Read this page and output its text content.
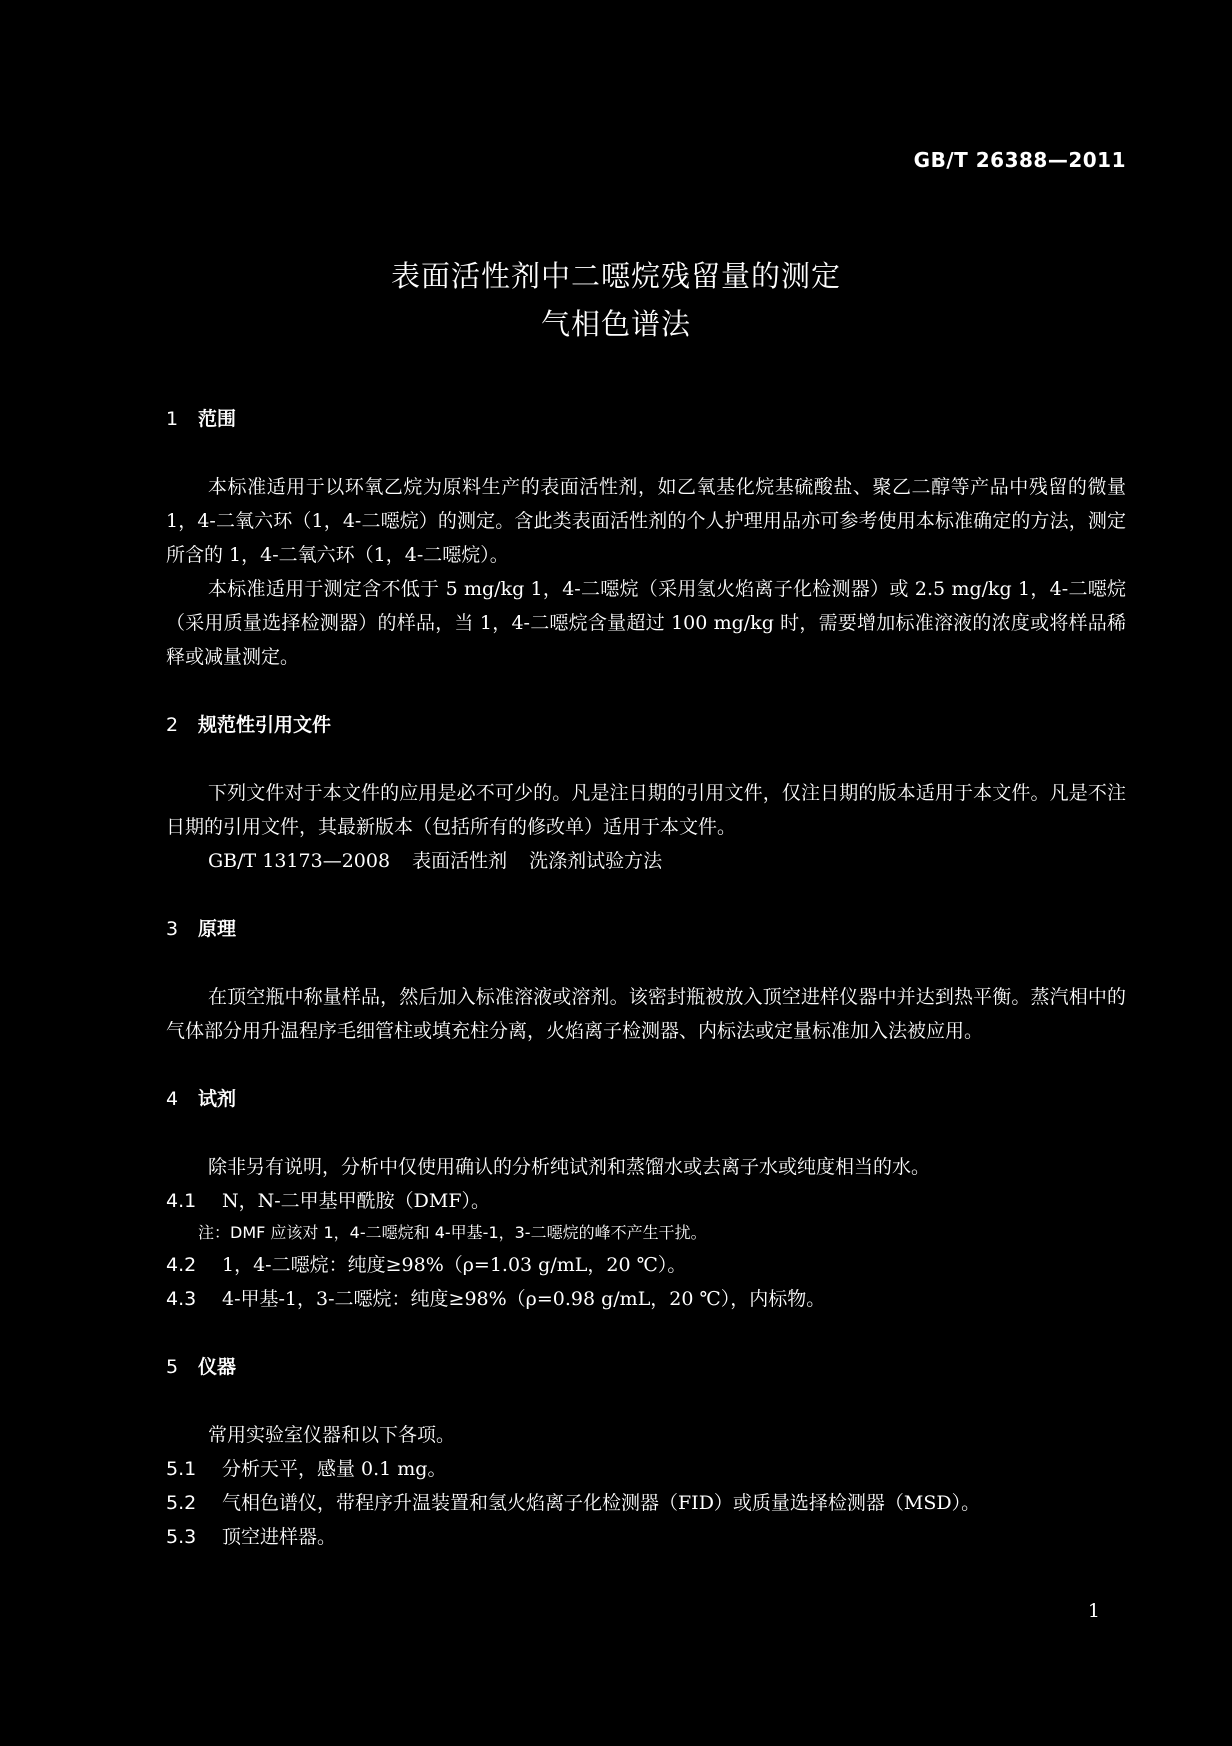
GB/T 26388—2011
表面活性剂中二噁烷残留量的测定
气相色谱法
1 范围

本标准适用于以环氧乙烷为原料生产的表面活性剂，如乙氧基化烷基硫酸盐、聚乙二醇等产品中残留的微量 1，4-二氧六环（1，4-二噁烷）的测定。含此类表面活性剂的个人护理用品亦可参考使用本标准确定的方法，测定所含的 1，4-二氧六环（1，4-二噁烷）。

本标准适用于测定含不低于 5 mg/kg 1，4-二噁烷（采用氢火焰离子化检测器）或 2.5 mg/kg 1，4-二噁烷（采用质量选择检测器）的样品，当 1，4-二噁烷含量超过 100 mg/kg 时，需要增加标准溶液的浓度或将样品稀释或减量测定。

2 规范性引用文件

下列文件对于本文件的应用是必不可少的。凡是注日期的引用文件，仅注日期的版本适用于本文件。凡是不注日期的引用文件，其最新版本（包括所有的修改单）适用于本文件。

GB/T 13173—2008 表面活性剂 洗涤剂试验方法

3 原理

在顶空瓶中称量样品，然后加入标准溶液或溶剂。该密封瓶被放入顶空进样仪器中并达到热平衡。蒸汽相中的气体部分用升温程序毛细管柱或填充柱分离，火焰离子检测器、内标法或定量标准加入法被应用。

4 试剂

除非另有说明，分析中仅使用确认的分析纯试剂和蒸馏水或去离子水或纯度相当的水。

4.1 N，N-二甲基甲酰胺（DMF）。

注：DMF 应该对 1，4-二噁烷和 4-甲基-1，3-二噁烷的峰不产生干扰。

4.2 1，4-二噁烷：纯度≥98%（ρ=1.03 g/mL，20 ℃）。

4.3 4-甲基-1，3-二噁烷：纯度≥98%（ρ=0.98 g/mL，20 ℃），内标物。

5 仪器

常用实验室仪器和以下各项。

5.1 分析天平，感量 0.1 mg。

5.2 气相色谱仪，带程序升温装置和氢火焰离子化检测器（FID）或质量选择检测器（MSD）。

5.3 顶空进样器。

1
